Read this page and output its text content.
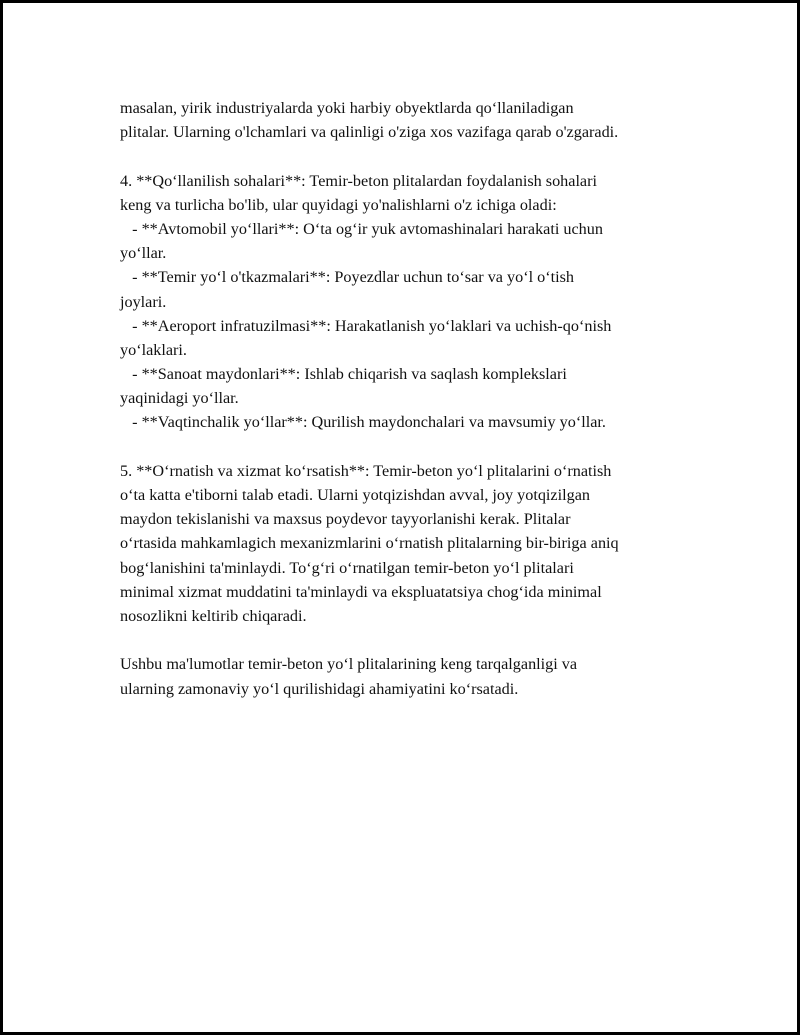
masalan, yirik industriyalarda yoki harbiy obyektlarda qo‘llaniladigan
plitalar. Ularning o'lchamlari va qalinligi o'ziga xos vazifaga qarab o'zgaradi.
4. **Qo‘llanilish sohalari**: Temir-beton plitalardan foydalanish sohalari
keng va turlicha bo'lib, ular quyidagi yo'nalishlarni o'z ichiga oladi:
- **Avtomobil yo‘llari**: O‘ta og‘ir yuk avtomashinalari harakati uchun
yo‘llar.
- **Temir yo‘l o'tkazmalari**: Poyezdlar uchun to‘sar va yo‘l o‘tish
joylari.
- **Aeroport infratuzilmasi**: Harakatlanish yo‘laklari va uchish-qo‘nish
yo‘laklari.
- **Sanoat maydonlari**: Ishlab chiqarish va saqlash komplekslari
yaqinidagi yo‘llar.
- **Vaqtinchalik yo‘llar**: Qurilish maydonchalari va mavsumiy yo‘llar.
5. **O‘rnatish va xizmat ko‘rsatish**: Temir-beton yo‘l plitalarini o‘rnatish
o‘ta katta e'tiborni talab etadi. Ularni yotqizishdan avval, joy yotqizilgan
maydon tekislanishi va maxsus poydevor tayyorlanishi kerak. Plitalar
o‘rtasida mahkamlagich mexanizmlarini o‘rnatish plitalarning bir-biriga aniq
bog‘lanishini ta'minlaydi. To‘g‘ri o‘rnatilgan temir-beton yo‘l plitalari
minimal xizmat muddatini ta'minlaydi va ekspluatatsiya chog‘ida minimal
nosozlikni keltirib chiqaradi.
Ushbu ma'lumotlar temir-beton yo‘l plitalarining keng tarqalganligi va
ularning zamonaviy yo‘l qurilishidagi ahamiyatini ko‘rsatadi.
